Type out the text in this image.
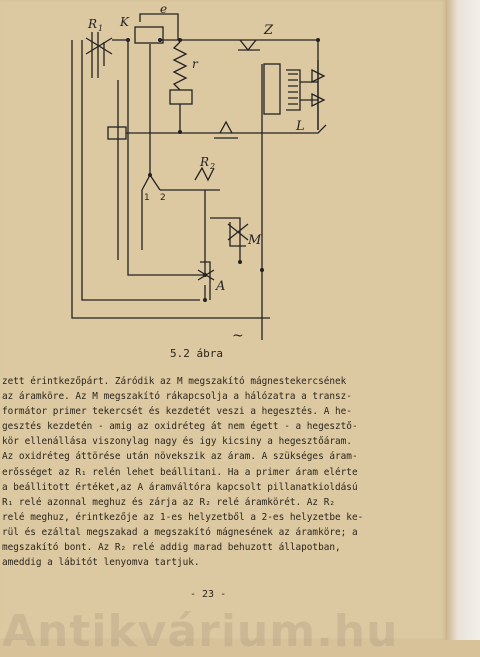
R 1 K
e
r
Z
L
R 2
1 2
M
A
~
5.2 ábra
zett érintkezőpárt. Záródik az M megszakító mágnestekercsének
az áramköre. Az M megszakító rákapcsolja a hálózatra a transz-
formátor primer tekercsét és kezdetét veszi a hegesztés. A he-
gesztés kezdetén - amig az oxidréteg át nem égett - a hegesztő-
kör ellenállása viszonylag nagy és igy kicsiny a hegesztőáram.
Az oxidréteg áttörése után növekszik az áram. A szükséges áram-
erősséget az R₁ relén lehet beállitani. Ha a primer áram elérte
a beállitott értéket,az A áramváltóra kapcsolt pillanatkioldású
R₁ relé azonnal meghuz és zárja az R₂ relé áramkörét. Az R₂
relé meghuz, érintkezője az 1-es helyzetből a 2-es helyzetbe ke-
rül és ezáltal megszakad a megszakító mágnesének az áramköre; a
megszakító bont. Az R₂ relé addig marad behuzott állapotban,
ameddig a lábitót lenyomva tartjuk.
- 23 -
Antikvárium.hu
